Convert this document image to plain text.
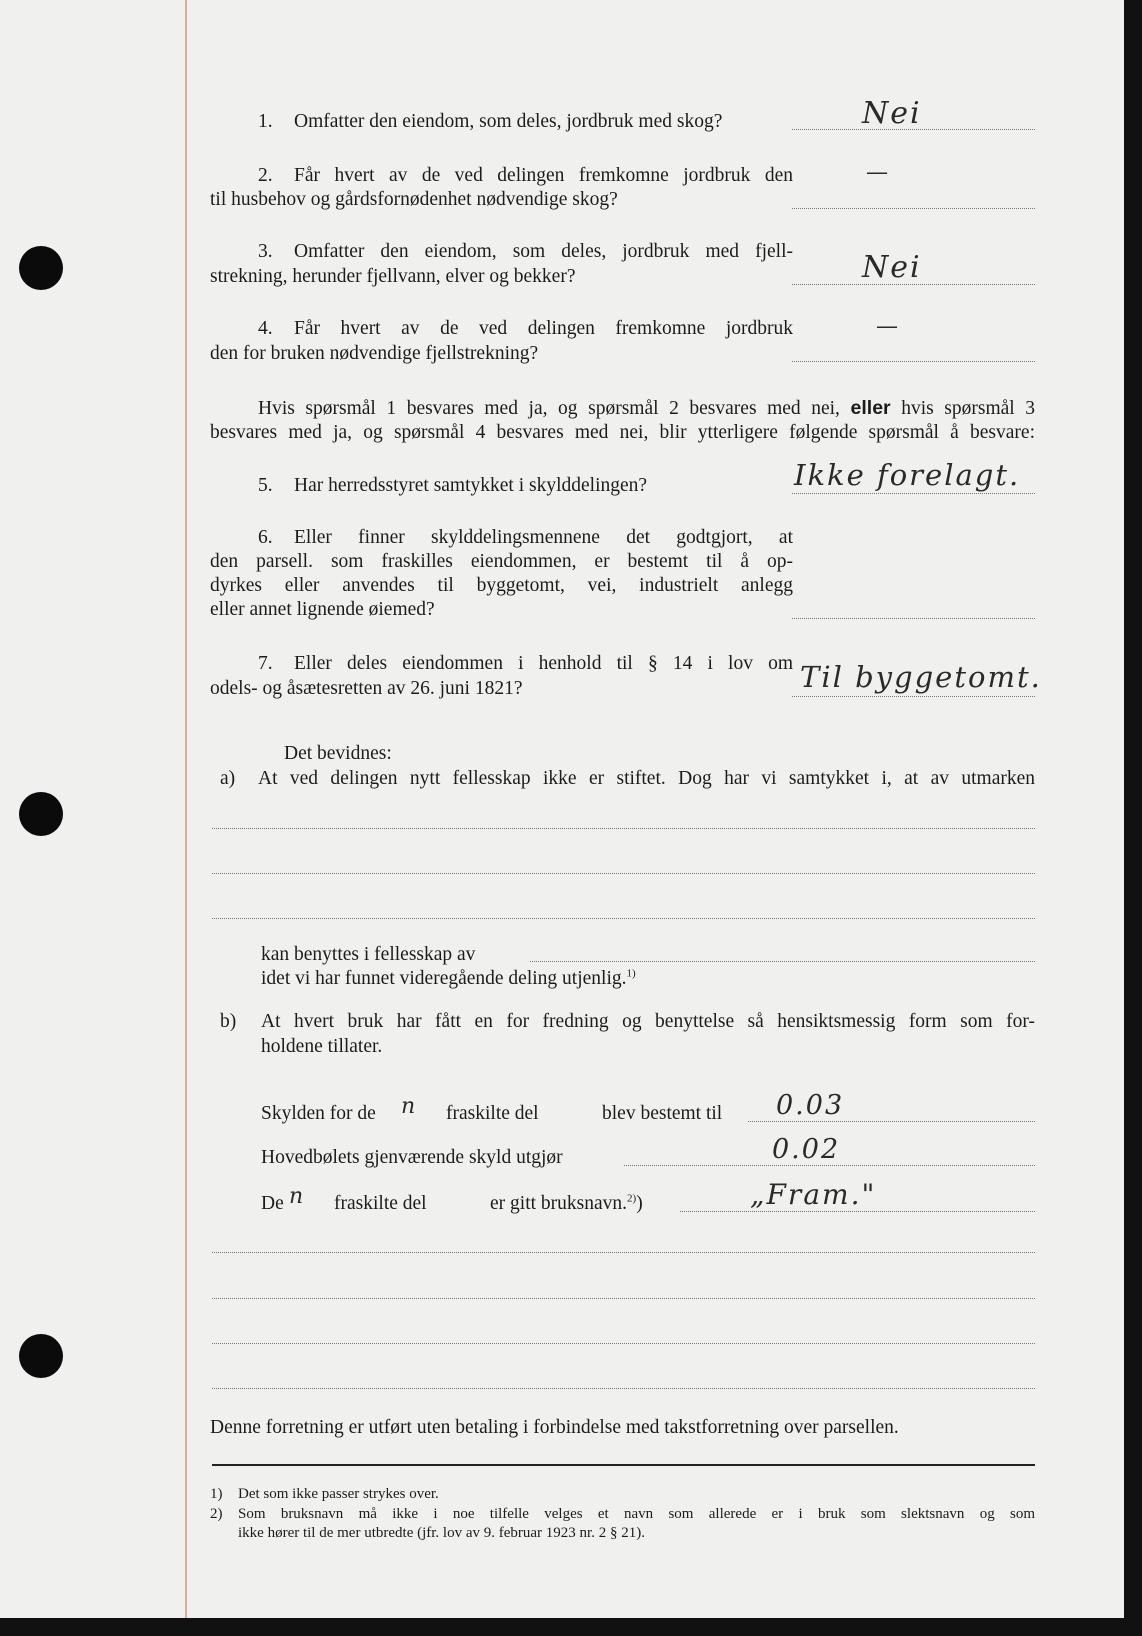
1. Omfatter den eiendom, som deles, jordbruk med skog?	Nei
2. Får hvert av de ved delingen fremkomne jordbruk den
til husbehov og gårdsfornødenhet nødvendige skog?
—
3. Omfatter den eiendom, som deles, jordbruk med fjell-
strekning, herunder fjellvann, elver og bekker?	Nei
4. Får hvert av de ved delingen fremkomne jordbruk
den for bruken nødvendige fjellstrekning?
—
Hvis spørsmål 1 besvares med ja, og spørsmål 2 besvares med nei, eller hvis spørsmål 3
besvares med ja, og spørsmål 4 besvares med nei, blir ytterligere følgende spørsmål å besvare:
5. Har herredsstyret samtykket i skylddelingen?	Ikke forelagt.
6. Eller finner skylddelingsmennene det godtgjort, at
den parsell. som fraskilles eiendommen, er bestemt til å op-
dyrkes eller anvendes til byggetomt, vei, industrielt anlegg
eller annet lignende øiemed?
7. Eller deles eiendommen i henhold til § 14 i lov om
odels- og åsætesretten av 26. juni 1821?	Til byggetomt.
Det bevidnes:
a) At ved delingen nytt fellesskap ikke er stiftet. Dog har vi samtykket i, at av utmarken
kan benyttes i fellesskap av
idet vi har funnet videregående deling utjenlig.$^{1)}$
b) At hvert bruk har fått en for fredning og benyttelse så hensiktsmessig form som for-
holdene tillater.
Skylden for de n fraskilte del	blev bestemt til 0.03
Hovedbølets gjenværende skyld utgjør	0.02
De n fraskilte del	er gitt bruksnavn.$^{2)}$)	„Fram."
Denne forretning er utført uten betaling i forbindelse med takstforretning over parsellen.
1) Det som ikke passer strykes over.
2) Som bruksnavn må ikke i noe tilfelle velges et navn som allerede er i bruk som slektsnavn og som
ikke hører til de mer utbredte (jfr. lov av 9. februar 1923 nr. 2 § 21).
